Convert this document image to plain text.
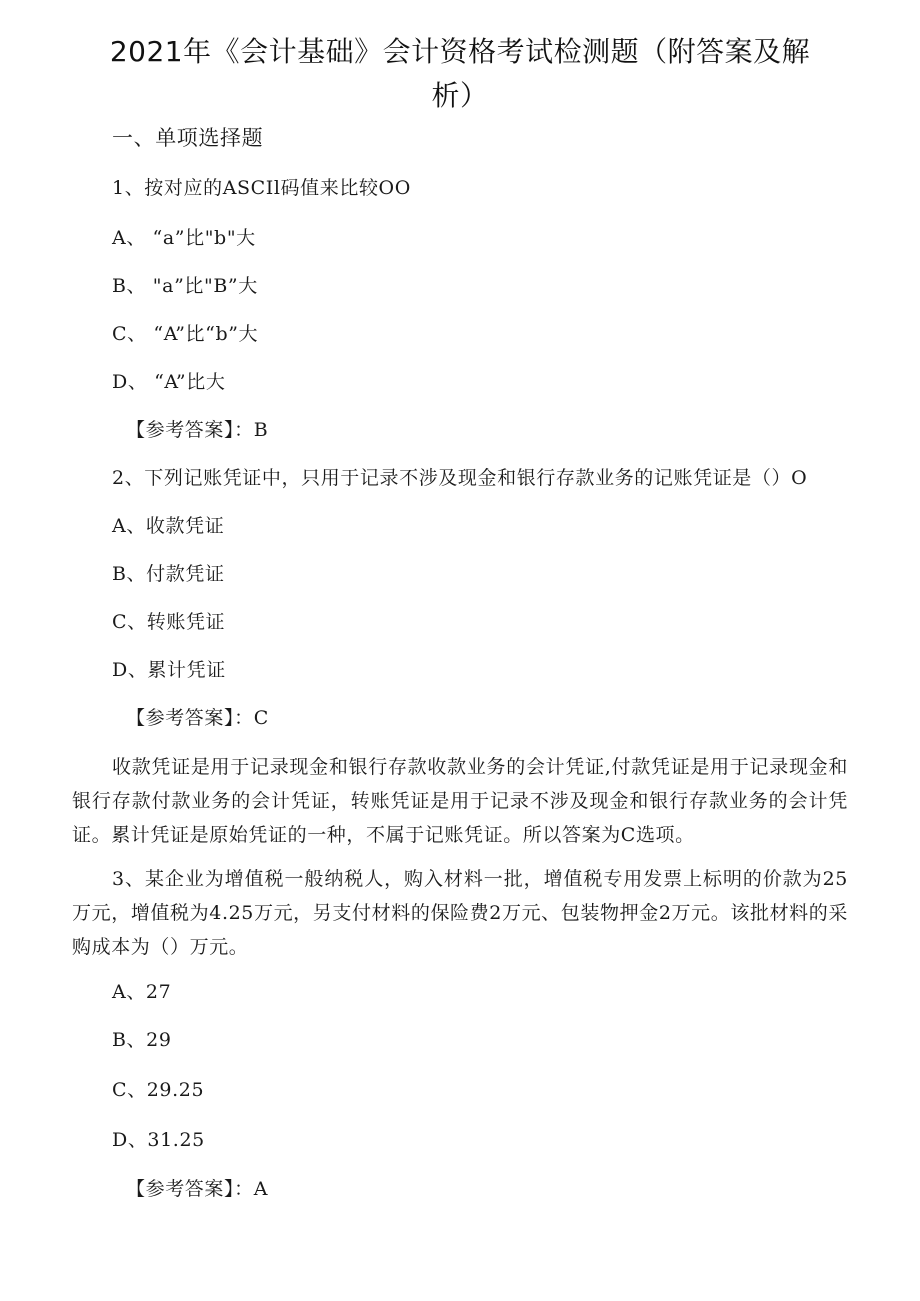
2021年《会计基础》会计资格考试检测题（附答案及解
析）
一、单项选择题
1、按对应的ASCIl码值来比较OO
A、 “a”比"b"大
B、 "a”比"B”大
C、 “A”比“b”大
D、 “A”比大
【参考答案】：B
2、下列记账凭证中，只用于记录不涉及现金和银行存款业务的记账凭证是（）O
A、收款凭证
B、付款凭证
C、转账凭证
D、累计凭证
【参考答案】：C
收款凭证是用于记录现金和银行存款收款业务的会计凭证,付款凭证是用于记录现金和银行存款付款业务的会计凭证，转账凭证是用于记录不涉及现金和银行存款业务的会计凭证。累计凭证是原始凭证的一种，不属于记账凭证。所以答案为C选项。
3、某企业为增值税一般纳税人，购入材料一批，增值税专用发票上标明的价款为25万元，增值税为4.25万元，另支付材料的保险费2万元、包装物押金2万元。该批材料的采购成本为（）万元。
A、27
B、29
C、29.25
D、31.25
【参考答案】：A
